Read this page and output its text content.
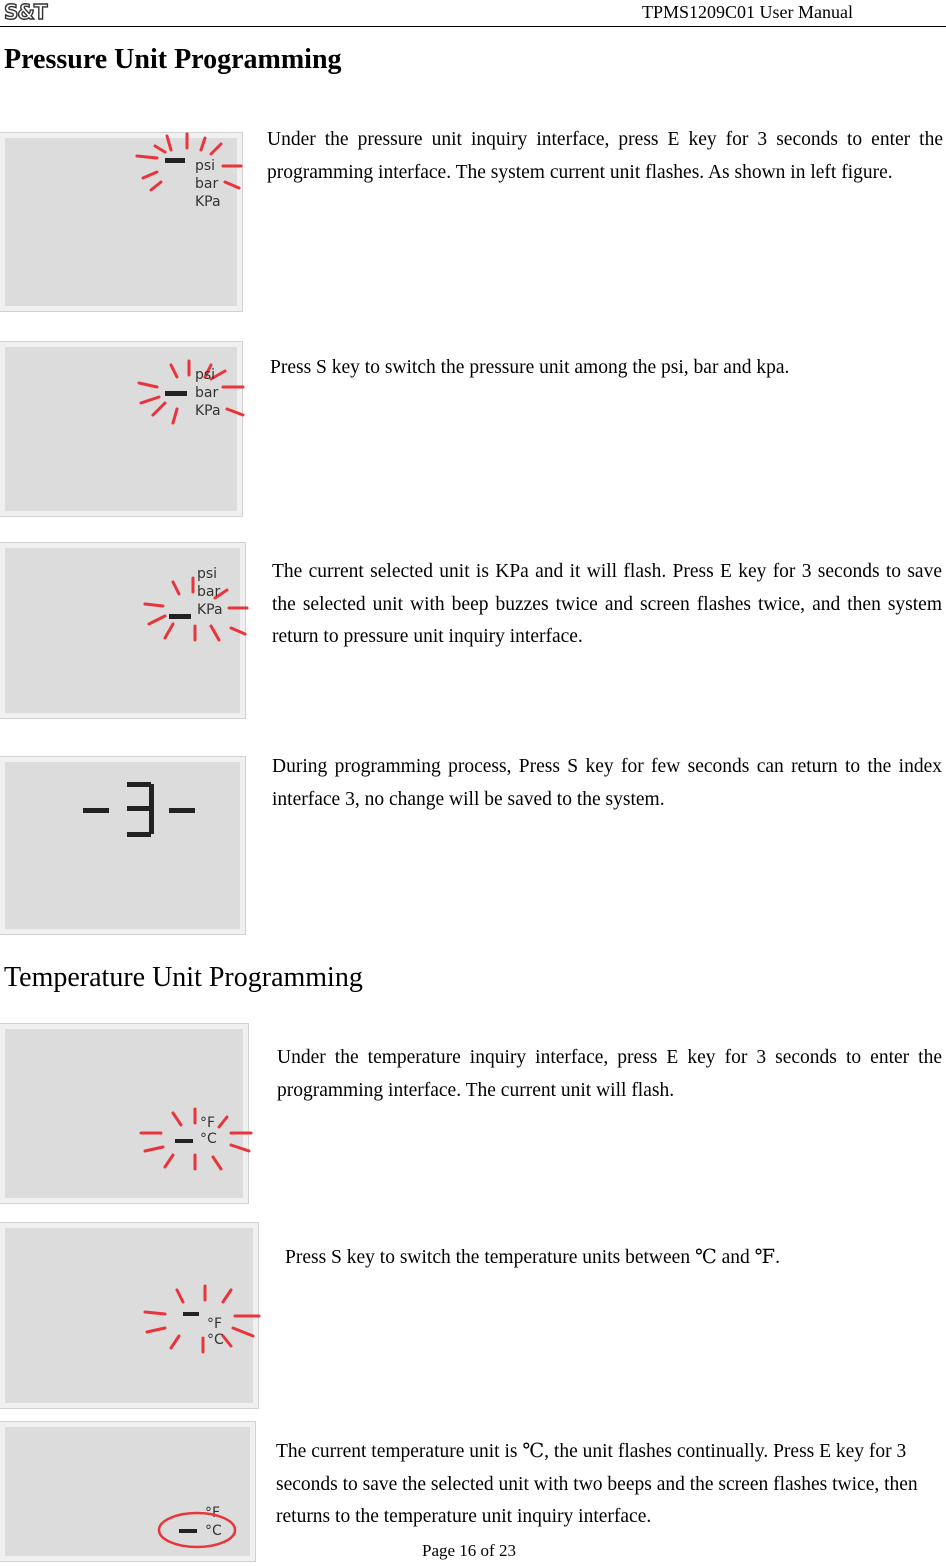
S&T	TPMS1209C01 User Manual
Pressure Unit Programming
psi
bar
KPa
Under the pressure unit inquiry interface, press E key for 3 seconds to enter the programming interface. The system current unit flashes. As shown in left figure.
psi
bar
KPa
Press S key to switch the pressure unit among the psi, bar and kpa.
psi
bar
KPa
The current selected unit is KPa and it will flash. Press E key for 3 seconds to save the selected unit with beep buzzes twice and screen flashes twice, and then system return to pressure unit inquiry interface.
During programming process, Press S key for few seconds can return to the index interface 3, no change will be saved to the system.
Temperature Unit Programming
°F
°C
Under the temperature inquiry interface, press E key for 3 seconds to enter the programming interface. The current unit will flash.
°F
°C
Press S key to switch the temperature units between ℃ and ℉.
°F
°C
The current temperature unit is ℃, the unit flashes continually. Press E key for 3 seconds to save the selected unit with two beeps and the screen flashes twice, then returns to the temperature unit inquiry interface.
Page 16 of 23
